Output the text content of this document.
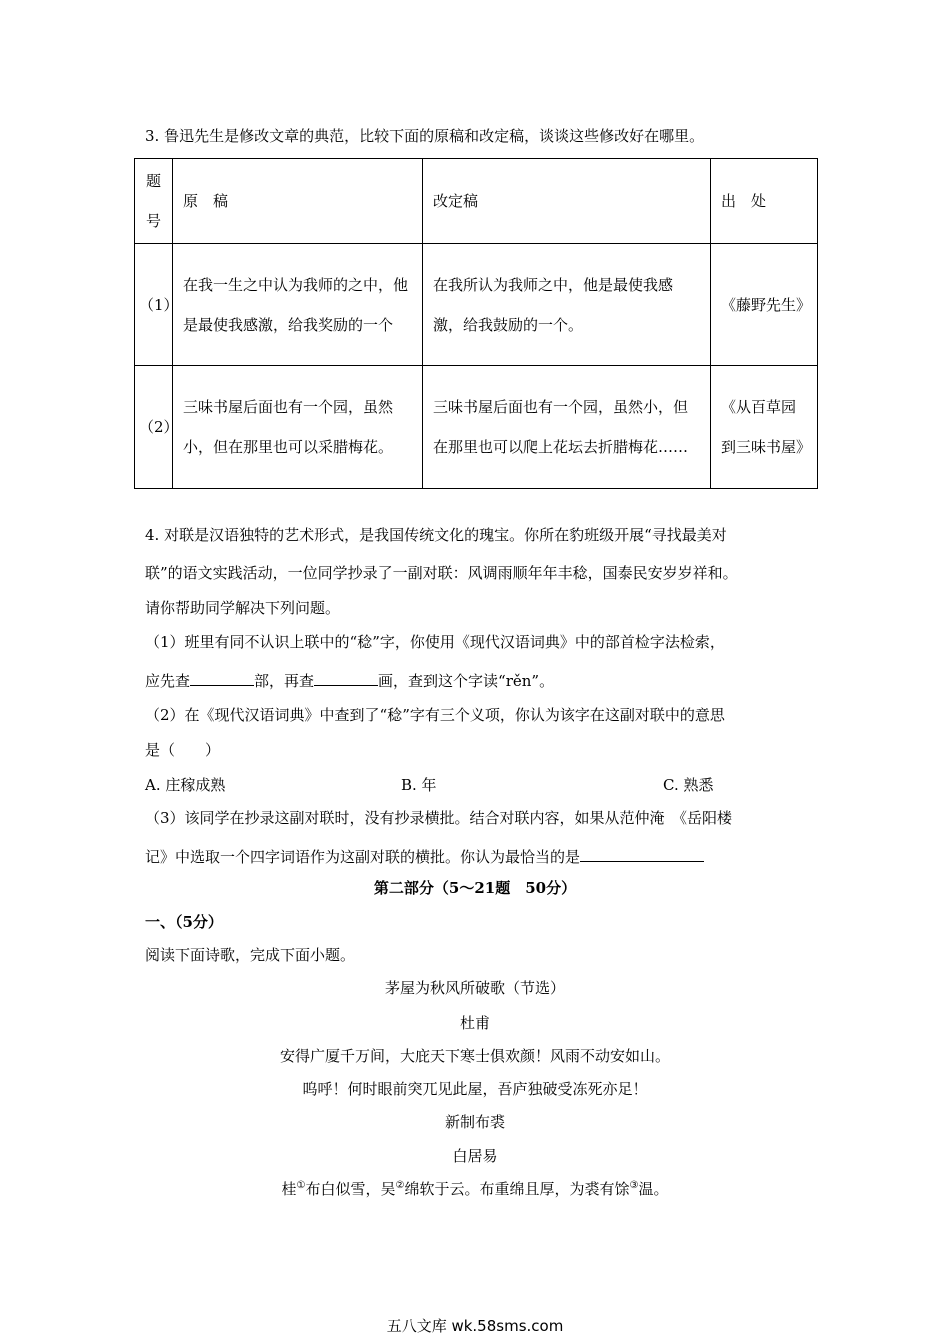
3. 鲁迅先生是修改文章的典范，比较下面的原稿和改定稿，谈谈这些修改好在哪里。
题号	原　稿	改定稿	出　处
（1）	在我一生之中认为我师的之中，他是最使我感激，给我奖励的一个	在我所认为我师之中，他是最使我感激，给我鼓励的一个。	《藤野先生》
（2）	三味书屋后面也有一个园，虽然小，但在那里也可以采腊梅花。	三味书屋后面也有一个园，虽然小，但在那里也可以爬上花坛去折腊梅花……	《从百草园到三味书屋》
4. 对联是汉语独特的艺术形式，是我国传统文化的瑰宝。你所在豹班级开展“寻找最美对
联”的语文实践活动，一位同学抄录了一副对联：风调雨顺年年丰稔，国泰民安岁岁祥和。
请你帮助同学解决下列问题。
（1）班里有同不认识上联中的“稔”字，你使用《现代汉语词典》中的部首检字法检索，
应先查	部，再查	画，查到这个字读“rěn”。
（2）在《现代汉语词典》中查到了“稔”字有三个义项，你认为该字在这副对联中的意思
是（　　）
A. 庄稼成熟	B. 年	C. 熟悉
（3）该同学在抄录这副对联时，没有抄录横批。结合对联内容，如果从范仲淹　《岳阳楼
记》中选取一个四字词语作为这副对联的横批。你认为最恰当的是
第二部分（5～21题　50分）
一、（5分）
阅读下面诗歌，完成下面小题。
茅屋为秋风所破歌（节选）
杜甫
安得广厦千万间，大庇天下寒士俱欢颜！风雨不动安如山。
呜呼！何时眼前突兀见此屋，吾庐独破受冻死亦足！
新制布裘
白居易
桂①布白似雪，吴②绵软于云。布重绵且厚，为裘有馀③温。
五八文库 wk.58sms.com
